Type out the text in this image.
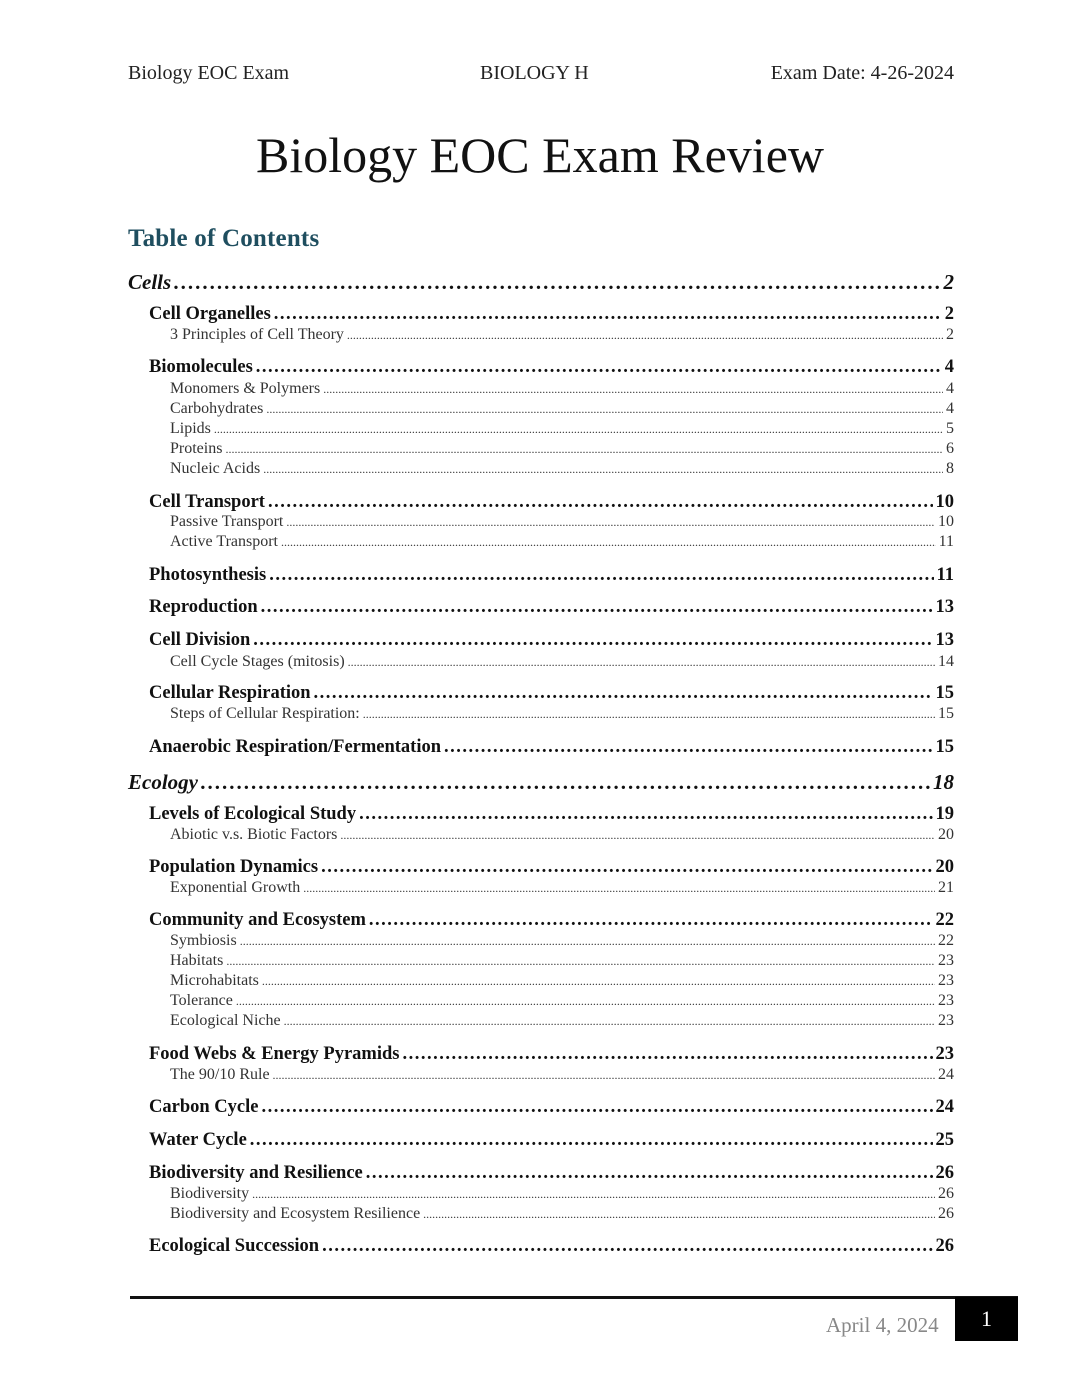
Biology EOC Exam	BIOLOGY H	Exam Date: 4-26-2024
Biology EOC Exam Review
Table of Contents
Cells .....	2
Cell Organelles .....	2
3 Principles of Cell Theory .....	2
Biomolecules .....	4
Monomers & Polymers .....	4
Carbohydrates .....	4
Lipids .....	5
Proteins .....	6
Nucleic Acids .....	8
Cell Transport .....	10
Passive Transport .....	10
Active Transport .....	11
Photosynthesis .....	11
Reproduction .....	13
Cell Division .....	13
Cell Cycle Stages (mitosis) .....	14
Cellular Respiration .....	15
Steps of Cellular Respiration: .....	15
Anaerobic Respiration/Fermentation .....	15
Ecology .....	18
Levels of Ecological Study .....	19
Abiotic v.s. Biotic Factors .....	20
Population Dynamics .....	20
Exponential Growth .....	21
Community and Ecosystem .....	22
Symbiosis .....	22
Habitats .....	23
Microhabitats .....	23
Tolerance .....	23
Ecological Niche .....	23
Food Webs & Energy Pyramids .....	23
The 90/10 Rule .....	24
Carbon Cycle .....	24
Water Cycle .....	25
Biodiversity and Resilience .....	26
Biodiversity .....	26
Biodiversity and Ecosystem Resilience .....	26
Ecological Succession .....	26
April 4, 2024	1
